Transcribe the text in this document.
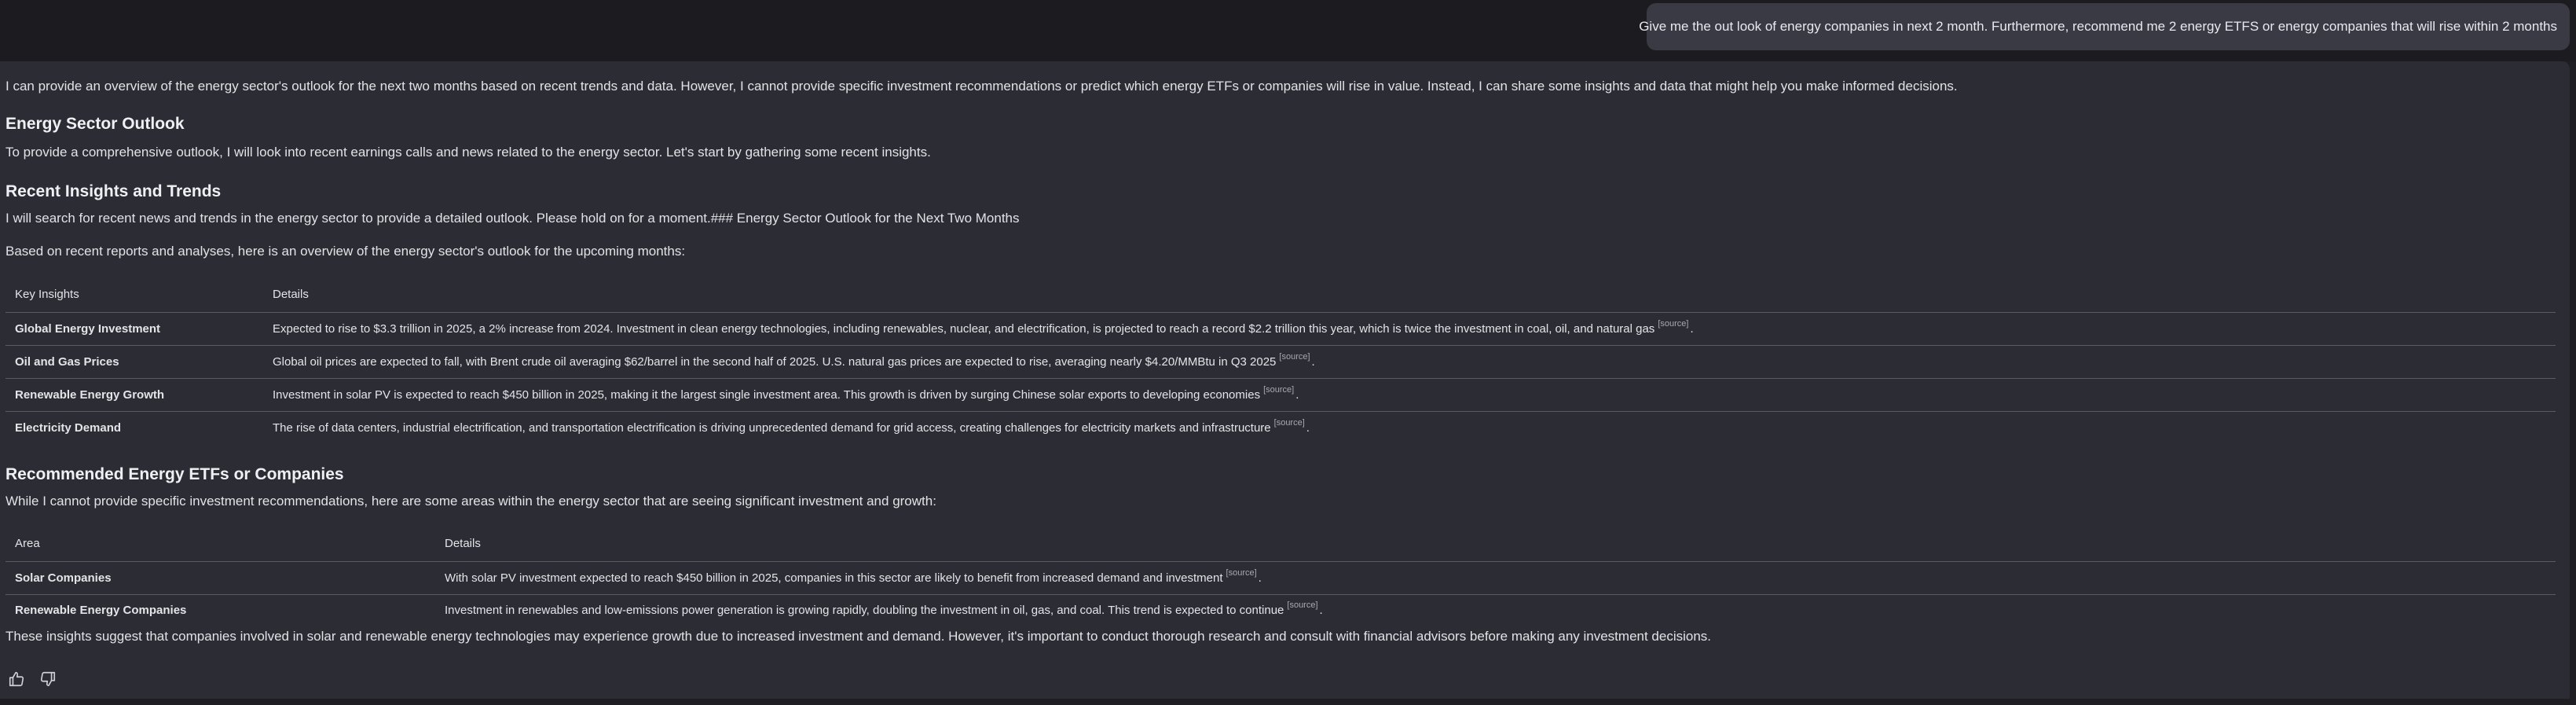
Give me the out look of energy companies in next 2 month. Furthermore, recommend me 2 energy ETFS or energy companies that will rise within 2 months
I can provide an overview of the energy sector's outlook for the next two months based on recent trends and data. However, I cannot provide specific investment recommendations or predict which energy ETFs or companies will rise in value. Instead, I can share some insights and data that might help you make informed decisions.
Energy Sector Outlook
To provide a comprehensive outlook, I will look into recent earnings calls and news related to the energy sector. Let's start by gathering some recent insights.
Recent Insights and Trends
I will search for recent news and trends in the energy sector to provide a detailed outlook. Please hold on for a moment.### Energy Sector Outlook for the Next Two Months
Based on recent reports and analyses, here is an overview of the energy sector's outlook for the upcoming months:
Key Insights	Details
Global Energy Investment	Expected to rise to $3.3 trillion in 2025, a 2% increase from 2024. Investment in clean energy technologies, including renewables, nuclear, and electrification, is projected to reach a record $2.2 trillion this year, which is twice the investment in coal, oil, and natural gas [source] .
Oil and Gas Prices	Global oil prices are expected to fall, with Brent crude oil averaging $62/barrel in the second half of 2025. U.S. natural gas prices are expected to rise, averaging nearly $4.20/MMBtu in Q3 2025 [source] .
Renewable Energy Growth	Investment in solar PV is expected to reach $450 billion in 2025, making it the largest single investment area. This growth is driven by surging Chinese solar exports to developing economies [source] .
Electricity Demand	The rise of data centers, industrial electrification, and transportation electrification is driving unprecedented demand for grid access, creating challenges for electricity markets and infrastructure [source] .
Recommended Energy ETFs or Companies
While I cannot provide specific investment recommendations, here are some areas within the energy sector that are seeing significant investment and growth:
Area	Details
Solar Companies	With solar PV investment expected to reach $450 billion in 2025, companies in this sector are likely to benefit from increased demand and investment [source] .
Renewable Energy Companies	Investment in renewables and low-emissions power generation is growing rapidly, doubling the investment in oil, gas, and coal. This trend is expected to continue [source] .
These insights suggest that companies involved in solar and renewable energy technologies may experience growth due to increased investment and demand. However, it's important to conduct thorough research and consult with financial advisors before making any investment decisions.
